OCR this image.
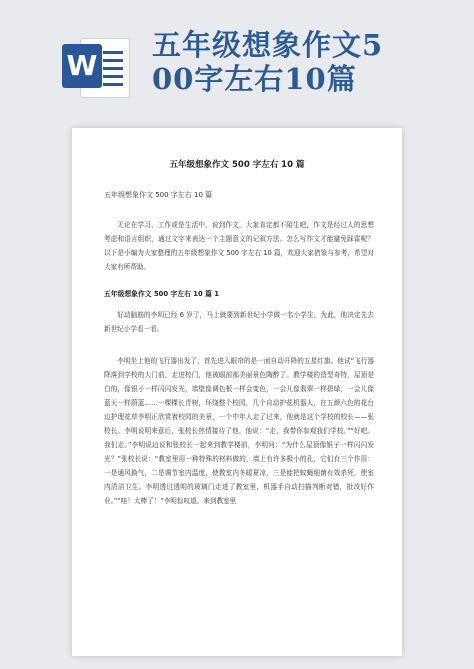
W
五年级想象作文5
00字左右10篇
五年级想象作文 500 字左右 10 篇
五年级想象作文 500 字左右 10 篇
无论在学习、工作或是生活中，说到作文，大家肯定都不陌生吧，作文是经过人的思想考虑和语言组织，通过文字来表达一个主题意义的记叙方法。怎么写作文才能避免踩雷呢？以下是小编为大家整理的五年级想象作文 500 字左右 10 篇，欢迎大家借鉴与参考，希望对大家有所帮助。
五年级想象作文 500 字左右 10 篇 1
好动脑筋的李明已经 6 岁了，马上就要到新世纪小学做一名小学生，为此，他决定先去新世纪小学看一看。
李明坐上他的飞行器出发了，首先进入眼帘的是一面自动升降的五星红旗。他试“飞行器降落到学校的大门前，走进校门，他被眼前那美丽景色陶醉了。教学楼的造型奇特，屋顶是白的，像银子一样闪闪发光，墙壁像调色板一样会变色，一会儿像翡翠一样碧绿，一会儿像蓝天一样蔚蓝……一棵棵长青树，环绕整个校园，几个自动护花机器人，在五颜六色的花台边护理花草李明正欣赏着校园的美景，一个中年人走了过来，他就是这个学校的校长——张校长。李明说明来意后，张校长热情接待了他，他说：“走，我带你参观我们学校。”“好吧。我们走。”李明说边说和张校长一起来到教学楼前，李明问：“为什么屋顶像银子一样闪闪发光？”张校长说：“教室里用一种特殊的材料做的，墙上有许多极小的孔，它们有三个作用：一是通风换气，二是调节室内温度，使教室内冬暖夏凉，三是能把蚊蝇细菌有效杀死，使室内清洁卫生。李明透过透明的玻璃门走进了教室里，机器手自动扫描判断对错，批改好作业。”“哇！太棒了！”李明惊叹道。来到教室里
